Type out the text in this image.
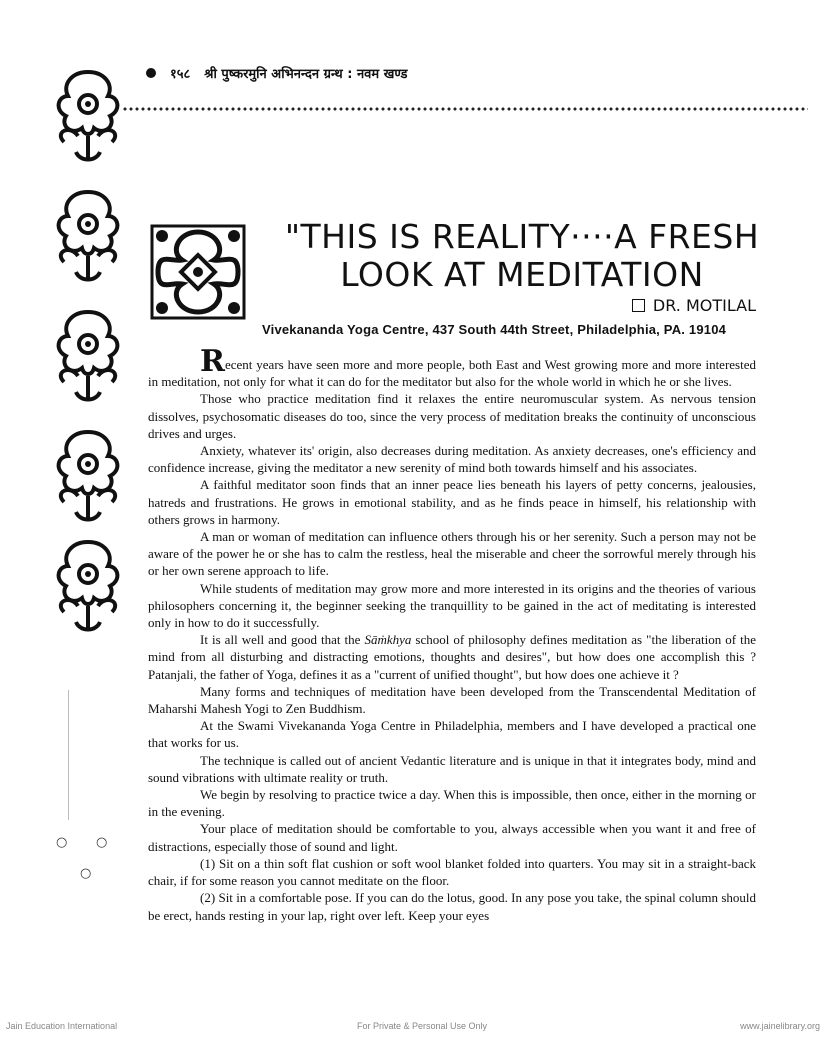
१५८ श्री पुष्करमुनि अभिनन्दन ग्रन्थ : नवम खण्ड
"THIS IS REALITY····A FRESH
LOOK AT MEDITATION
DR. MOTILAL
Vivekananda Yoga Centre, 437 South 44th Street, Philadelphia, PA. 19104

Recent years have seen more and more people, both East and West growing more and more interested in meditation, not only for what it can do for the meditator but also for the whole world in which he or she lives.

Those who practice meditation find it relaxes the entire neuromuscular system. As nervous tension dissolves, psychosomatic diseases do too, since the very process of meditation breaks the continuity of unconscious drives and urges.

Anxiety, whatever its' origin, also decreases during meditation. As anxiety decreases, one's efficiency and confidence increase, giving the meditator a new serenity of mind both towards himself and his associates.

A faithful meditator soon finds that an inner peace lies beneath his layers of petty concerns, jealousies, hatreds and frustrations. He grows in emotional stability, and as he finds peace in himself, his relationship with others grows in harmony.

A man or woman of meditation can influence others through his or her serenity. Such a person may not be aware of the power he or she has to calm the restless, heal the miserable and cheer the sorrowful merely through his or her own serene approach to life.

While students of meditation may grow more and more interested in its origins and the theories of various philosophers concerning it, the beginner seeking the tranquillity to be gained in the act of meditating is interested only in how to do it successfully.

It is all well and good that the Sāṁkhya school of philosophy defines meditation as "the liberation of the mind from all disturbing and distracting emotions, thoughts and desires", but how does one accomplish this ? Patanjali, the father of Yoga, defines it as a "current of unified thought", but how does one achieve it ?

Many forms and techniques of meditation have been developed from the Transcendental Meditation of Maharshi Mahesh Yogi to Zen Buddhism.

At the Swami Vivekananda Yoga Centre in Philadelphia, members and I have developed a practical one that works for us.

The technique is called out of ancient Vedantic literature and is unique in that it integrates body, mind and sound vibrations with ultimate reality or truth.

We begin by resolving to practice twice a day. When this is impossible, then once, either in the morning or in the evening.

Your place of meditation should be comfortable to you, always accessible when you want it and free of distractions, especially those of sound and light.

(1) Sit on a thin soft flat cushion or soft wool blanket folded into quarters. You may sit in a straight-back chair, if for some reason you cannot meditate on the floor.

(2) Sit in a comfortable pose. If you can do the lotus, good. In any pose you take, the spinal column should be erect, hands resting in your lap, right over left. Keep your eyes

○ ○
○
Jain Education International	For Private & Personal Use Only	www.jainelibrary.org
